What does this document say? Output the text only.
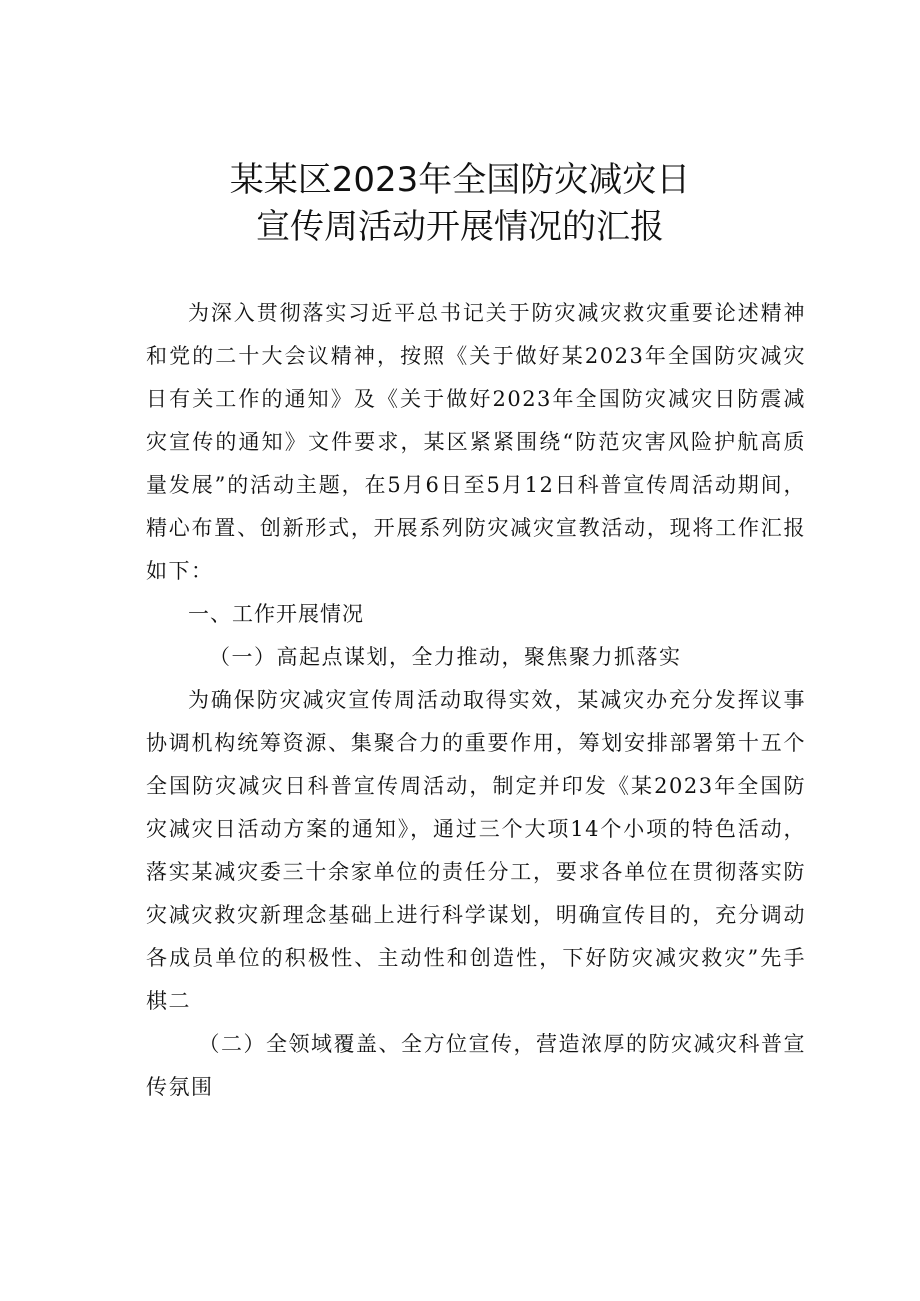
某某区2023年全国防灾减灾日
宣传周活动开展情况的汇报

为深入贯彻落实习近平总书记关于防灾减灾救灾重要论述精神和党的二十大会议精神，按照《关于做好某2023年全国防灾减灾日有关工作的通知》及《关于做好2023年全国防灾减灾日防震减灾宣传的通知》文件要求，某区紧紧围绕“防范灾害风险护航高质量发展”的活动主题，在5月6日至5月12日科普宣传周活动期间，精心布置、创新形式，开展系列防灾减灾宣教活动，现将工作汇报如下：

一、工作开展情况

（一）高起点谋划，全力推动，聚焦聚力抓落实

为确保防灾减灾宣传周活动取得实效，某减灾办充分发挥议事协调机构统筹资源、集聚合力的重要作用，筹划安排部署第十五个全国防灾减灾日科普宣传周活动，制定并印发《某2023年全国防灾减灾日活动方案的通知》，通过三个大项14个小项的特色活动，落实某减灾委三十余家单位的责任分工，要求各单位在贯彻落实防灾减灾救灾新理念基础上进行科学谋划，明确宣传目的，充分调动各成员单位的积极性、主动性和创造性，下好防灾减灾救灾”先手棋二

（二）全领域覆盖、全方位宣传，营造浓厚的防灾减灾科普宣传氛围
